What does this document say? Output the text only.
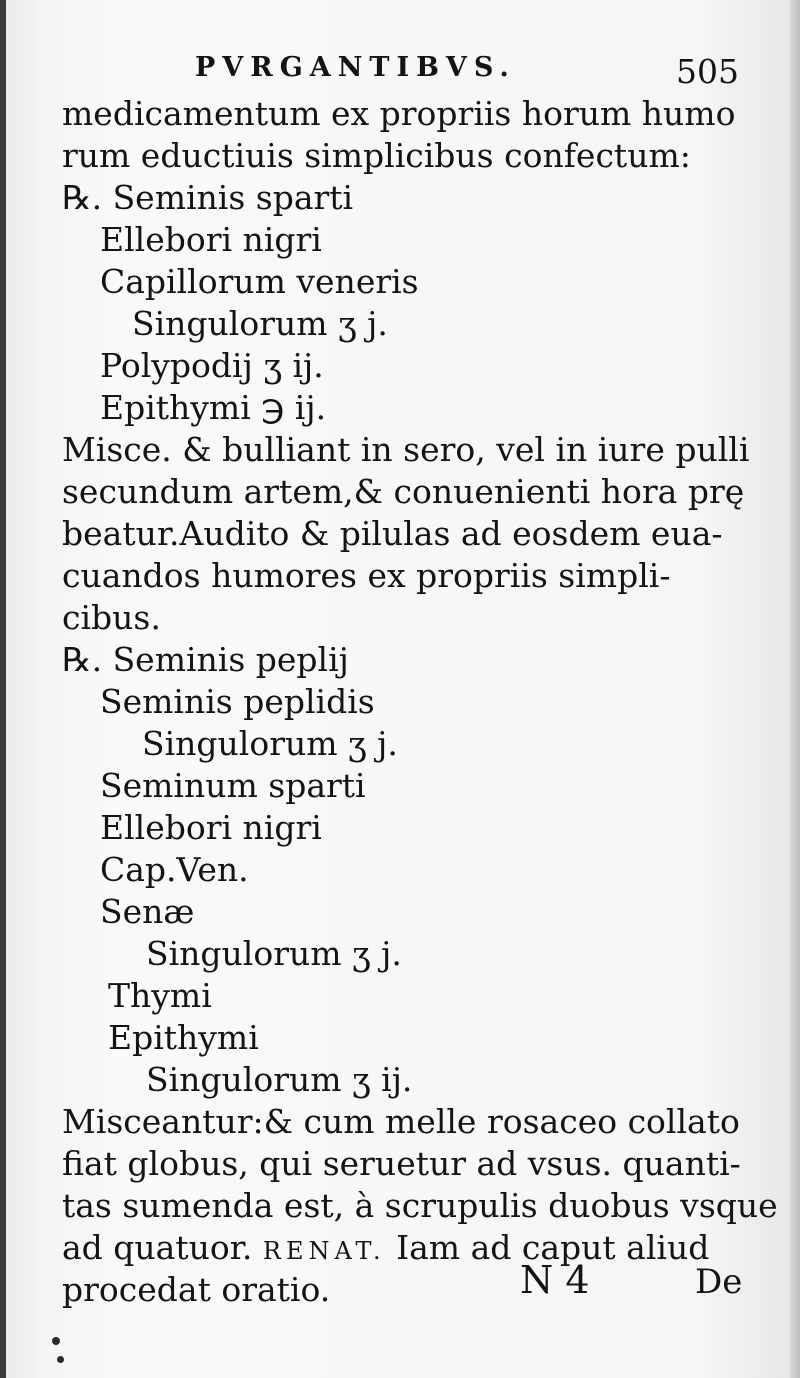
PVRGANTIBVS.	505
medicamentum ex propriis horum humo
rum eductiuis simplicibus confectum:
℞. Seminis sparti
Ellebori nigri
Capillorum veneris
Singulorum ʒ j.
Polypodij ʒ ij.
Epithymi ℈ ij.
Misce. & bulliant in sero, vel in iure pulli
secundum artem,& conuenienti hora prę
beatur.Audito & pilulas ad eosdem eua-
cuandos humores ex propriis simpli-
cibus.
℞. Seminis peplij
Seminis peplidis
Singulorum ʒ j.
Seminum sparti
Ellebori nigri
Cap.Ven.
Senæ
Singulorum ʒ j.
Thymi
Epithymi
Singulorum ʒ ij.
Misceantur:& cum melle rosaceo collato
fiat globus, qui seruetur ad vsus. quanti-
tas sumenda est, à scrupulis duobus vsque
ad quatuor. RENAT. Iam ad caput aliud
procedat oratio.	N 4	De
